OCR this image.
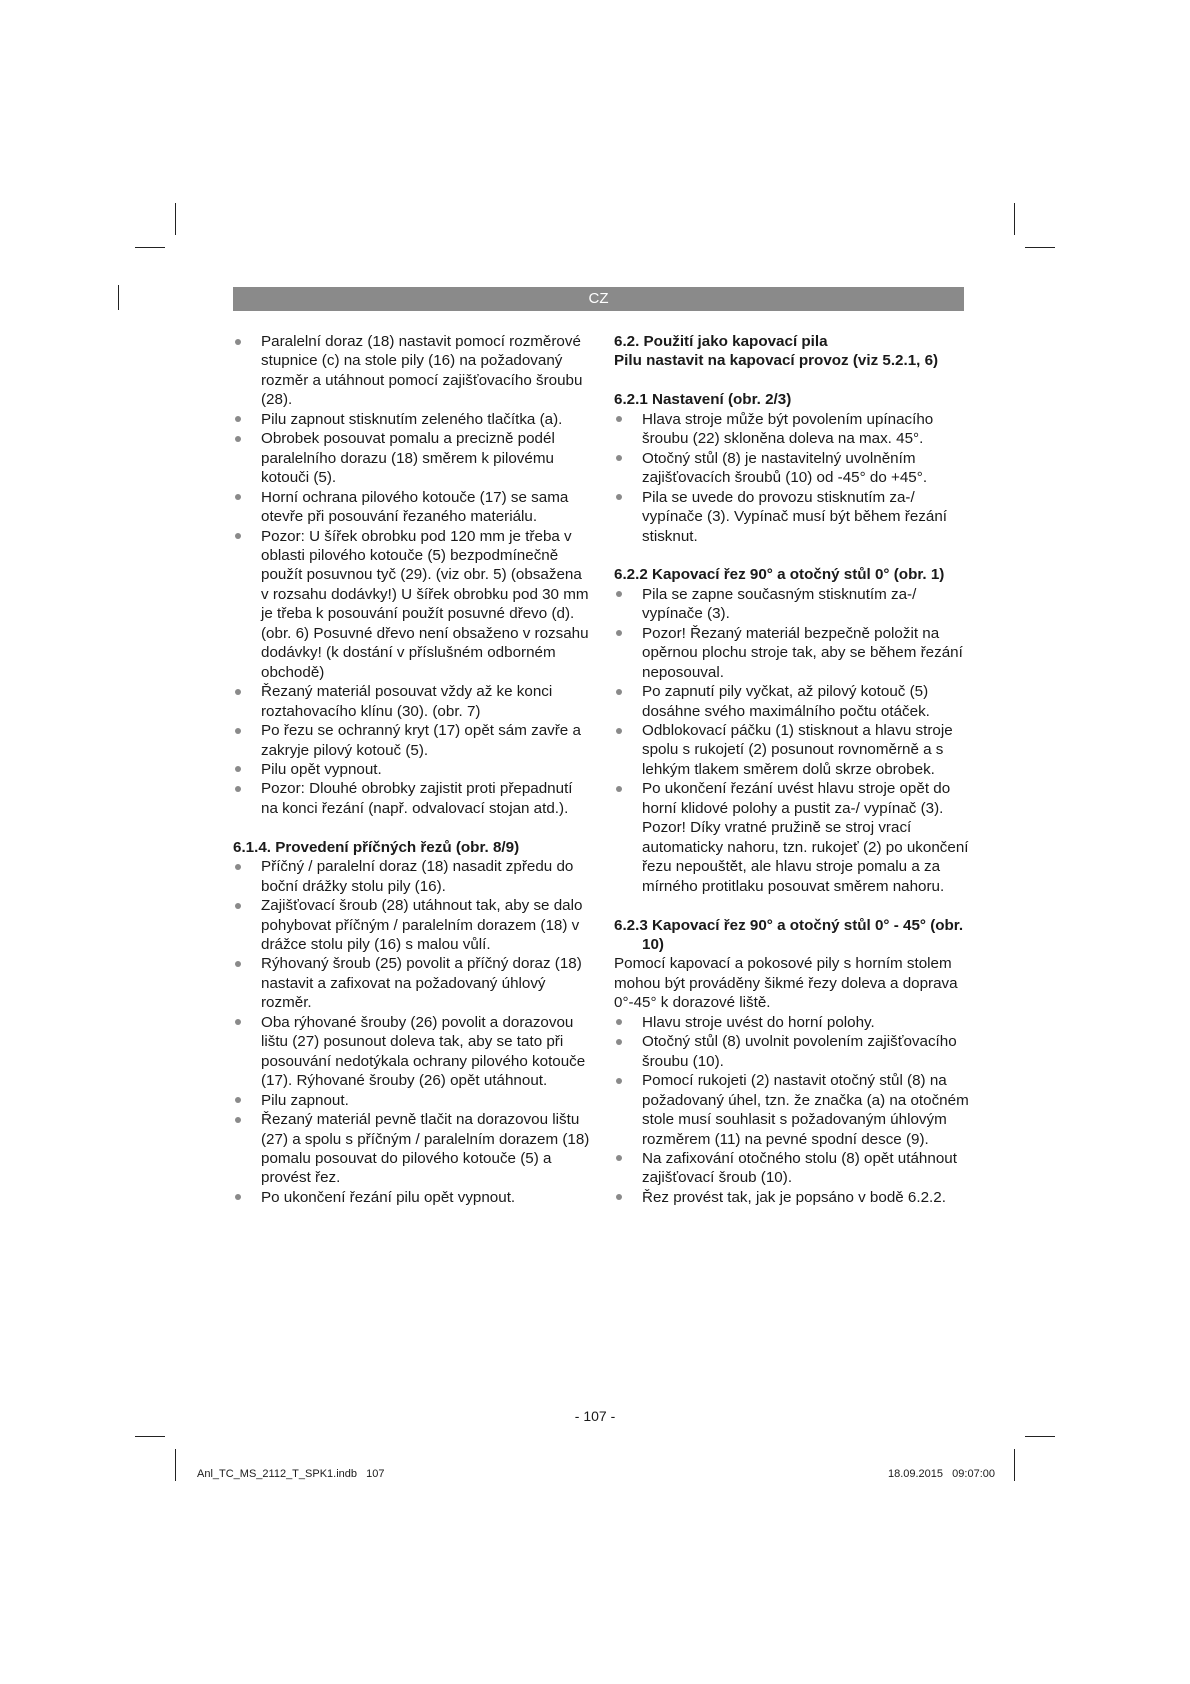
CZ
Paralelní doraz (18) nastavit pomocí rozměrové stupnice (c) na stole pily (16) na požadovaný rozměr a utáhnout pomocí zajišťovacího šroubu (28).
Pilu zapnout stisknutím zeleného tlačítka (a).
Obrobek posouvat pomalu a precizně podél paralelního dorazu (18) směrem k pilovému kotouči (5).
Horní ochrana pilového kotouče (17) se sama otevře při posouvání řezaného materiálu.
Pozor: U šířek obrobku pod 120 mm je třeba v oblasti pilového kotouče (5) bezpodmínečně použít posuvnou tyč (29). (viz obr. 5) (obsažena v rozsahu dodávky!) U šířek obrobku pod 30 mm je třeba k posouvání použít posuvné dřevo (d). (obr. 6) Posuvné dřevo není obsaženo v rozsahu dodávky! (k dostání v příslušném odborném obchodě)
Řezaný materiál posouvat vždy až ke konci roztahovacího klínu (30). (obr. 7)
Po řezu se ochranný kryt (17) opět sám zavře a zakryje pilový kotouč (5).
Pilu opět vypnout.
Pozor: Dlouhé obrobky zajistit proti přepadnutí na konci řezání (např. odvalovací stojan atd.).

6.1.4. Provedení příčných řezů (obr. 8/9)

Příčný / paralelní doraz (18) nasadit zpředu do boční drážky stolu pily (16).
Zajišťovací šroub (28) utáhnout tak, aby se dalo pohybovat příčným / paralelním dorazem (18) v drážce stolu pily (16) s malou vůlí.
Rýhovaný šroub (25) povolit a příčný doraz (18) nastavit a zafixovat na požadovaný úhlový rozměr.
Oba rýhované šrouby (26) povolit a dorazovou lištu (27) posunout doleva tak, aby se tato při posouvání nedotýkala ochrany pilového kotouče (17). Rýhované šrouby (26) opět utáhnout.
Pilu zapnout.
Řezaný materiál pevně tlačit na dorazovou lištu (27) a spolu s příčným / paralelním dorazem (18) pomalu posouvat do pilového kotouče (5) a provést řez.
Po ukončení řezání pilu opět vypnout.

6.2. Použití jako kapovací pila

Pilu nastavit na kapovací provoz (viz 5.2.1, 6)

6.2.1 Nastavení (obr. 2/3)

Hlava stroje může být povolením upínacího šroubu (22) skloněna doleva na max. 45°.
Otočný stůl (8) je nastavitelný uvolněním zajišťovacích šroubů (10) od -45° do +45°.
Pila se uvede do provozu stisknutím za-/ vypínače (3). Vypínač musí být během řezání stisknut.

6.2.2 Kapovací řez 90° a otočný stůl 0° (obr. 1)

Pila se zapne současným stisknutím za-/ vypínače (3).
Pozor! Řezaný materiál bezpečně položit na opěrnou plochu stroje tak, aby se během řezání neposouval.
Po zapnutí pily vyčkat, až pilový kotouč (5) dosáhne svého maximálního počtu otáček.
Odblokovací páčku (1) stisknout a hlavu stroje spolu s rukojetí (2) posunout rovnoměrně a s lehkým tlakem směrem dolů skrze obrobek.
Po ukončení řezání uvést hlavu stroje opět do horní klidové polohy a pustit za-/ vypínač (3). Pozor! Díky vratné pružině se stroj vrací automaticky nahoru, tzn. rukojeť (2) po ukončení řezu nepouštět, ale hlavu stroje pomalu a za mírného protitlaku posouvat směrem nahoru.

6.2.3 Kapovací řez 90° a otočný stůl 0° - 45° (obr. 10)

Pomocí kapovací a pokosové pily s horním stolem mohou být prováděny šikmé řezy doleva a doprava 0°-45° k dorazové liště.

Hlavu stroje uvést do horní polohy.
Otočný stůl (8) uvolnit povolením zajišťovacího šroubu (10).
Pomocí rukojeti (2) nastavit otočný stůl (8) na požadovaný úhel, tzn. že značka (a) na otočném stole musí souhlasit s požadovaným úhlovým rozměrem (11) na pevné spodní desce (9).
Na zafixování otočného stolu (8) opět utáhnout zajišťovací šroub (10).
Řez provést tak, jak je popsáno v bodě 6.2.2.
- 107 -
Anl_TC_MS_2112_T_SPK1.indb   107	18.09.2015   09:07:00
